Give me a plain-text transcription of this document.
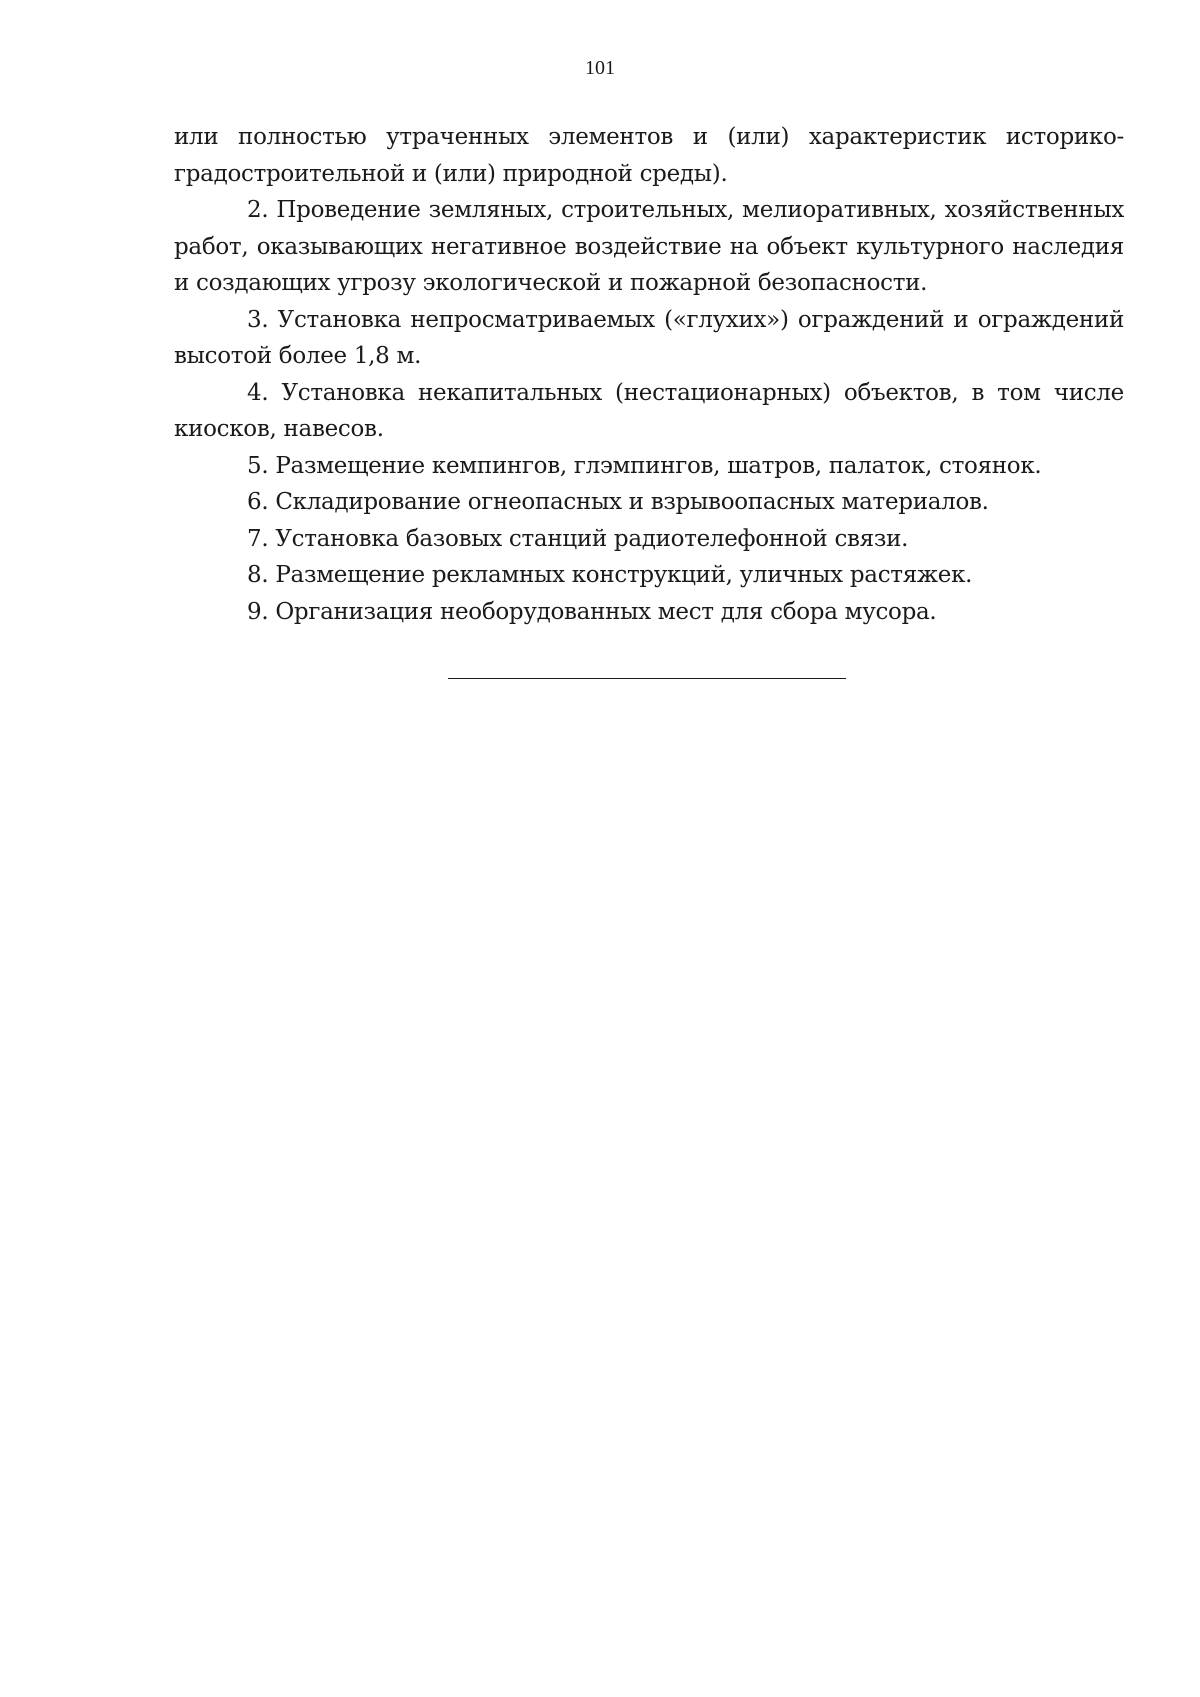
101

или полностью утраченных элементов и (или) характеристик историко-градостроительной и (или) природной среды).

2. Проведение земляных, строительных, мелиоративных, хозяйственных работ, оказывающих негативное воздействие на объект культурного наследия и создающих угрозу экологической и пожарной безопасности.

3. Установка непросматриваемых («глухих») ограждений и ограждений высотой более 1,8 м.

4. Установка некапитальных (нестационарных) объектов, в том числе киосков, навесов.

5. Размещение кемпингов, глэмпингов, шатров, палаток, стоянок.

6. Складирование огнеопасных и взрывоопасных материалов.

7. Установка базовых станций радиотелефонной связи.

8. Размещение рекламных конструкций, уличных растяжек.

9. Организация необорудованных мест для сбора мусора.
